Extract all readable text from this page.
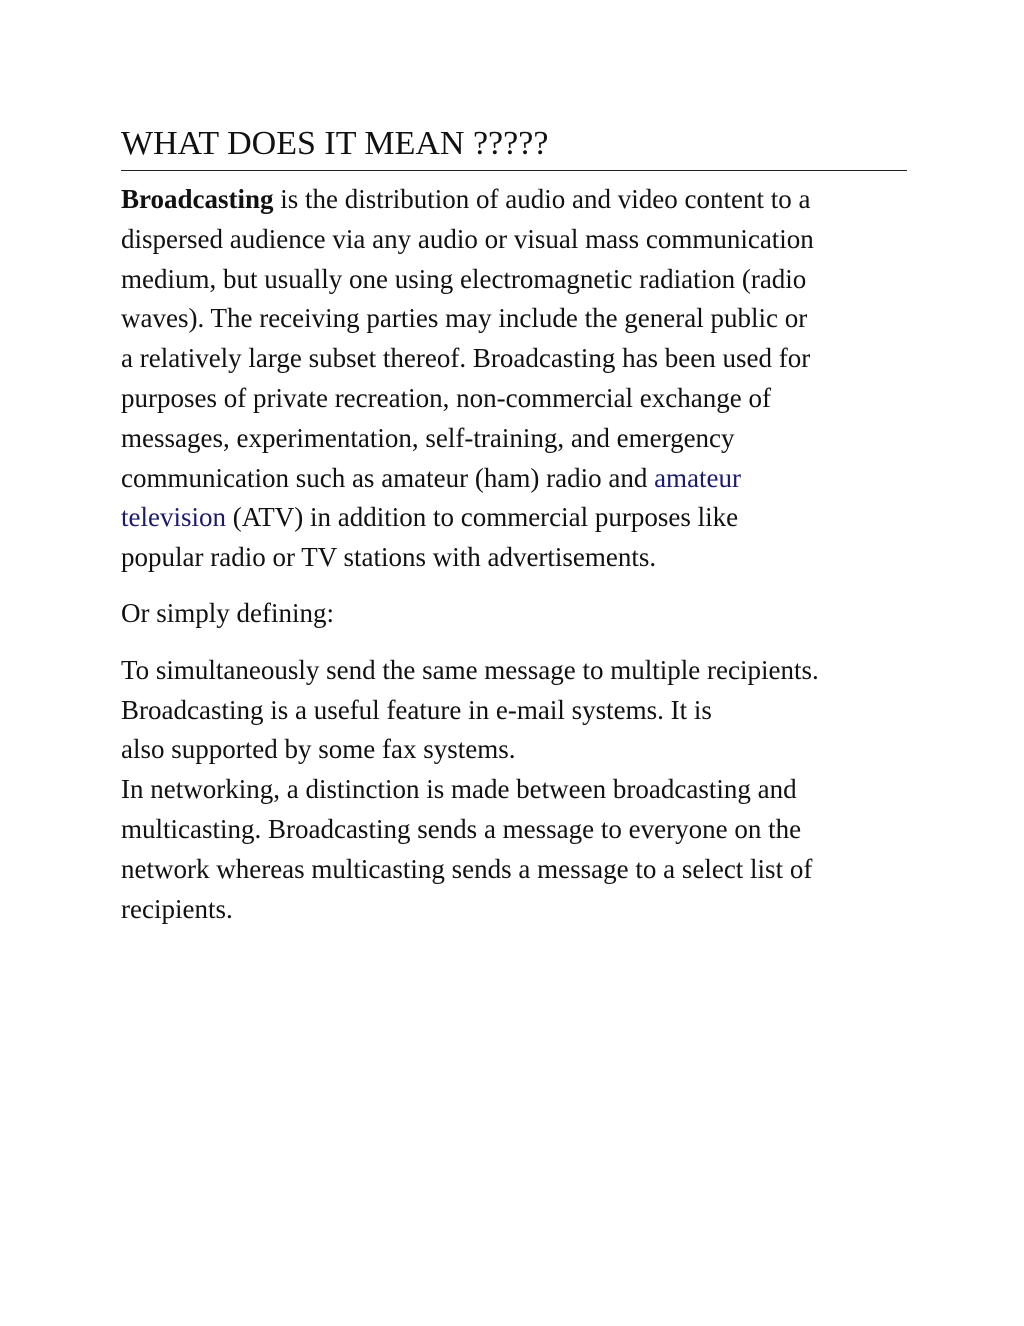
WHAT DOES IT MEAN ?????

Broadcasting is the distribution of audio and video content to a
dispersed audience via any audio or visual mass communication
medium, but usually one using electromagnetic radiation (radio
waves). The receiving parties may include the general public or
a relatively large subset thereof. Broadcasting has been used for
purposes of private recreation, non-commercial exchange of
messages, experimentation, self-training, and emergency
communication such as amateur (ham) radio and amateur
television (ATV) in addition to commercial purposes like
popular radio or TV stations with advertisements.

Or simply defining:

To simultaneously send the same message to multiple recipients.
Broadcasting is a useful feature in e-mail systems. It is
also supported by some fax systems.
In networking, a distinction is made between broadcasting and
multicasting. Broadcasting sends a message to everyone on the
network whereas multicasting sends a message to a select list of
recipients.
